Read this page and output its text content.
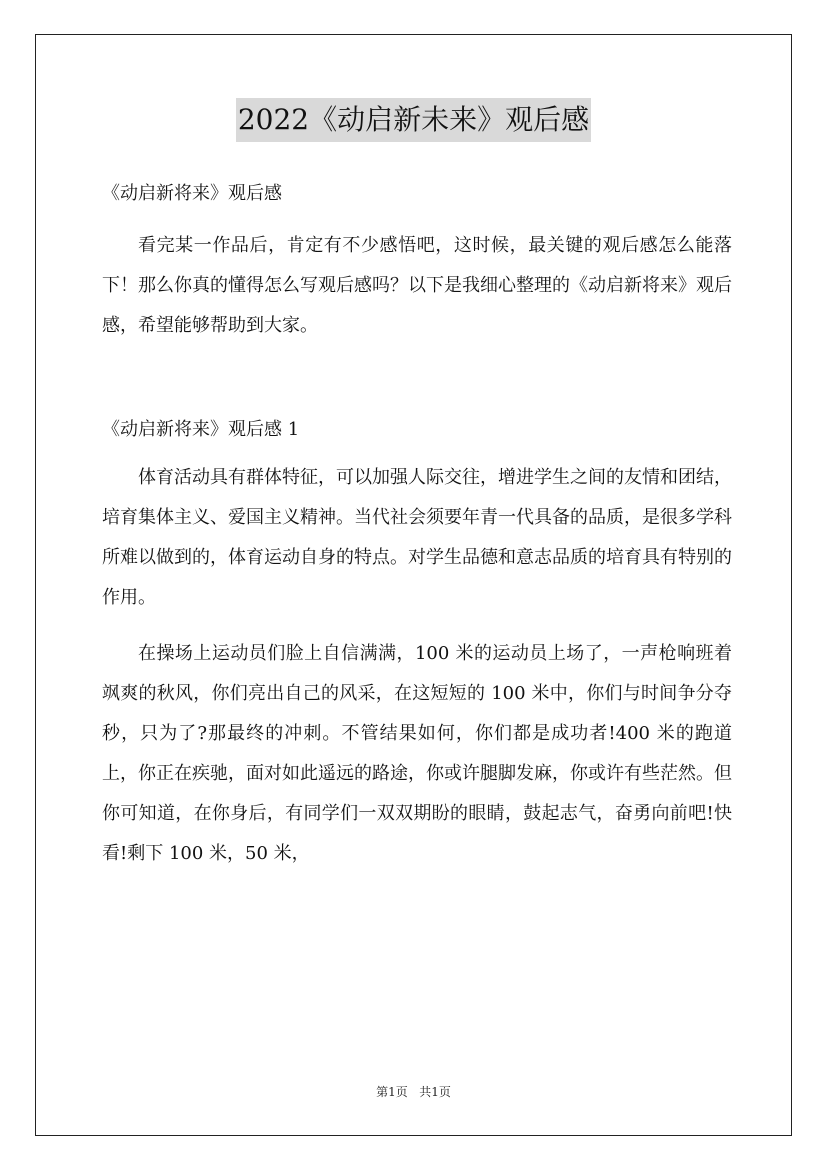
2022《动启新未来》观后感

《动启新将来》观后感

看完某一作品后，肯定有不少感悟吧，这时候，最关键的观后感怎么能落下！那么你真的懂得怎么写观后感吗？以下是我细心整理的《动启新将来》观后感，希望能够帮助到大家。

《动启新将来》观后感 1

体育活动具有群体特征，可以加强人际交往，增进学生之间的友情和团结，培育集体主义、爱国主义精神。当代社会须要年青一代具备的品质，是很多学科所难以做到的，体育运动自身的特点。对学生品德和意志品质的培育具有特别的作用。

在操场上运动员们脸上自信满满，100 米的运动员上场了，一声枪响班着飒爽的秋风，你们亮出自己的风采，在这短短的 100 米中，你们与时间争分夺秒，只为了?那最终的冲刺。不管结果如何，你们都是成功者!400 米的跑道上，你正在疾驰，面对如此遥远的路途，你或许腿脚发麻，你或许有些茫然。但你可知道，在你身后，有同学们一双双期盼的眼睛，鼓起志气，奋勇向前吧!快看!剩下 100 米，50 米，

第1页 共1页
